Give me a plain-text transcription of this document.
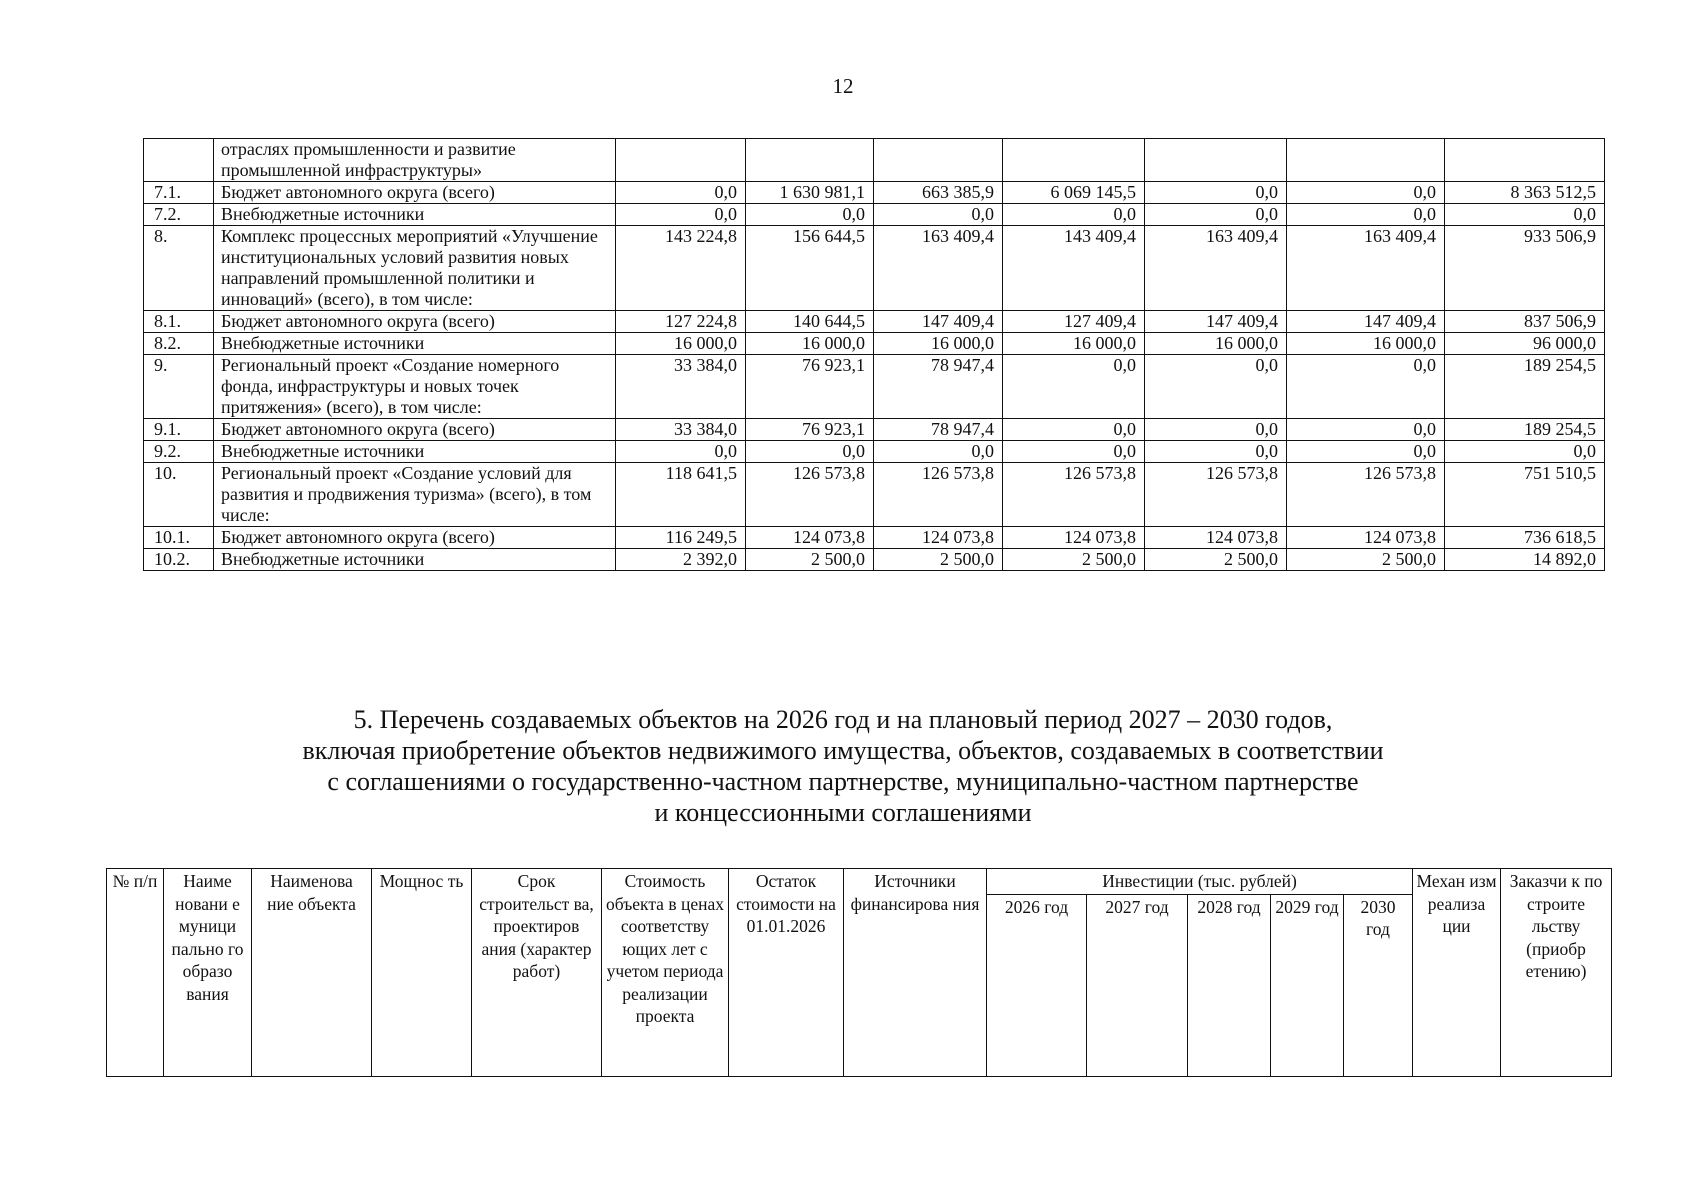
12
	отраслях промышленности и развитие промышленной инфраструктуры»							
7.1.	Бюджет автономного округа (всего)	0,0	1 630 981,1	663 385,9	6 069 145,5	0,0	0,0	8 363 512,5
7.2.	Внебюджетные источники	0,0	0,0	0,0	0,0	0,0	0,0	0,0
8.	Комплекс процессных мероприятий «Улучшение институциональных условий развития новых направлений промышленной политики и инноваций» (всего), в том числе:	143 224,8	156 644,5	163 409,4	143 409,4	163 409,4	163 409,4	933 506,9
8.1.	Бюджет автономного округа (всего)	127 224,8	140 644,5	147 409,4	127 409,4	147 409,4	147 409,4	837 506,9
8.2.	Внебюджетные источники	16 000,0	16 000,0	16 000,0	16 000,0	16 000,0	16 000,0	96 000,0
9.	Региональный проект «Создание номерного фонда, инфраструктуры и новых точек притяжения» (всего), в том числе:	33 384,0	76 923,1	78 947,4	0,0	0,0	0,0	189 254,5
9.1.	Бюджет автономного округа (всего)	33 384,0	76 923,1	78 947,4	0,0	0,0	0,0	189 254,5
9.2.	Внебюджетные источники	0,0	0,0	0,0	0,0	0,0	0,0	0,0
10.	Региональный проект «Создание условий для развития и продвижения туризма» (всего), в том числе:	118 641,5	126 573,8	126 573,8	126 573,8	126 573,8	126 573,8	751 510,5
10.1.	Бюджет автономного округа (всего)	116 249,5	124 073,8	124 073,8	124 073,8	124 073,8	124 073,8	736 618,5
10.2.	Внебюджетные источники	2 392,0	2 500,0	2 500,0	2 500,0	2 500,0	2 500,0	14 892,0
5. Перечень создаваемых объектов на 2026 год и на плановый период 2027 – 2030 годов,
включая приобретение объектов недвижимого имущества, объектов, создаваемых в соответствии
с соглашениями о государственно-частном партнерстве, муниципально-частном партнерстве
и концессионными соглашениями
№ п/п	Наиме новани е муници пально го образо вания	Наименова ние объекта	Мощнос ть	Срок строительст ва, проектиров ания (характер работ)	Стоимость объекта в ценах соответству ющих лет с учетом периода реализации проекта	Остаток стоимости на 01.01.2026	Источники финансирова ния	Инвестиции (тыс. рублей)					Механ изм реализа ции	Заказчи к по строите льству (приобр етению)
								2026 год	2027 год	2028 год	2029 год	2030 год		
